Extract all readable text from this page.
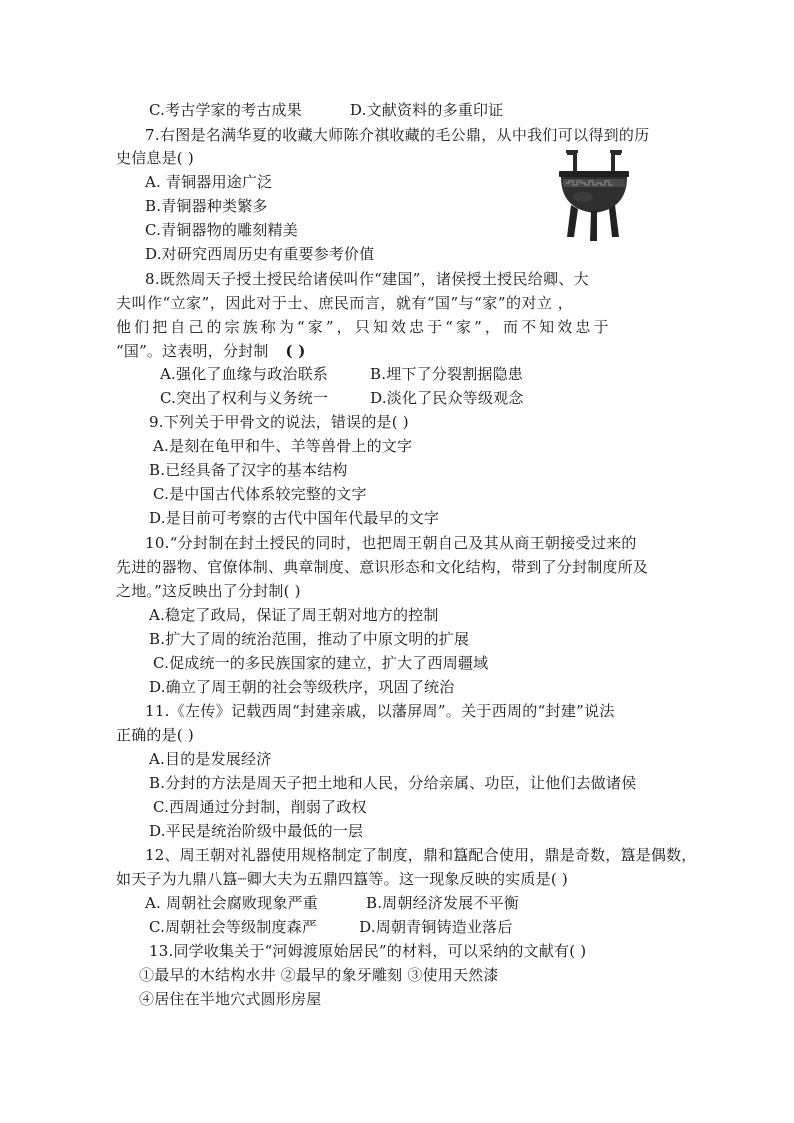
C.考古学家的考古成果	D.文献资料的多重印证
7.右图是名满华夏的收藏大师陈介祺收藏的毛公鼎，从中我们可以得到的历
史信息是( )
A. 青铜器用途广泛
B.青铜器种类繁多
C.青铜器物的雕刻精美
D.对研究西周历史有重要参考价值
8.既然周天子授土授民给诸侯叫作“建国”，诸侯授土授民给卿、大
夫叫作“立家”，因此对于士、庶民而言，就有“国”与“家”的对立 ，
他们把自己的宗族称为“家”，只知效忠于“家”，而不知效忠于
“国”。这表明，分封制 ( )
A.强化了血缘与政治联系	B.埋下了分裂割据隐患
C.突出了权利与义务统一	D.淡化了民众等级观念
9.下列关于甲骨文的说法，错误的是( )
A.是刻在龟甲和牛、羊等兽骨上的文字
B.已经具备了汉字的基本结构
C.是中国古代体系较完整的文字
D.是目前可考察的古代中国年代最早的文字
10.“分封制在封土授民的同时，也把周王朝自己及其从商王朝接受过来的
先进的器物、官僚体制、典章制度、意识形态和文化结构，带到了分封制度所及
之地。”这反映出了分封制( )
A.稳定了政局，保证了周王朝对地方的控制
B.扩大了周的统治范围，推动了中原文明的扩展
C.促成统一的多民族国家的建立，扩大了西周疆域
D.确立了周王朝的社会等级秩序，巩固了统治
11.《左传》记载西周“封建亲戚，以藩屏周”。关于西周的“封建”说法
正确的是( )
A.目的是发展经济
B.分封的方法是周天子把土地和人民，分给亲属、功臣，让他们去做诸侯
C.西周通过分封制，削弱了政权
D.平民是统治阶级中最低的一层
12、周王朝对礼器使用规格制定了制度，鼎和簋配合使用，鼎是奇数，簋是偶数，
如天子为九鼎八簋┈卿大夫为五鼎四簋等。这一现象反映的实质是( )
A. 周朝社会腐败现象严重	B.周朝经济发展不平衡
C.周朝社会等级制度森严	D.周朝青铜铸造业落后
13.同学收集关于“河姆渡原始居民”的材料，可以采纳的文献有( )
①最早的木结构水井 ②最早的象牙雕刻 ③使用天然漆
④居住在半地穴式圆形房屋
